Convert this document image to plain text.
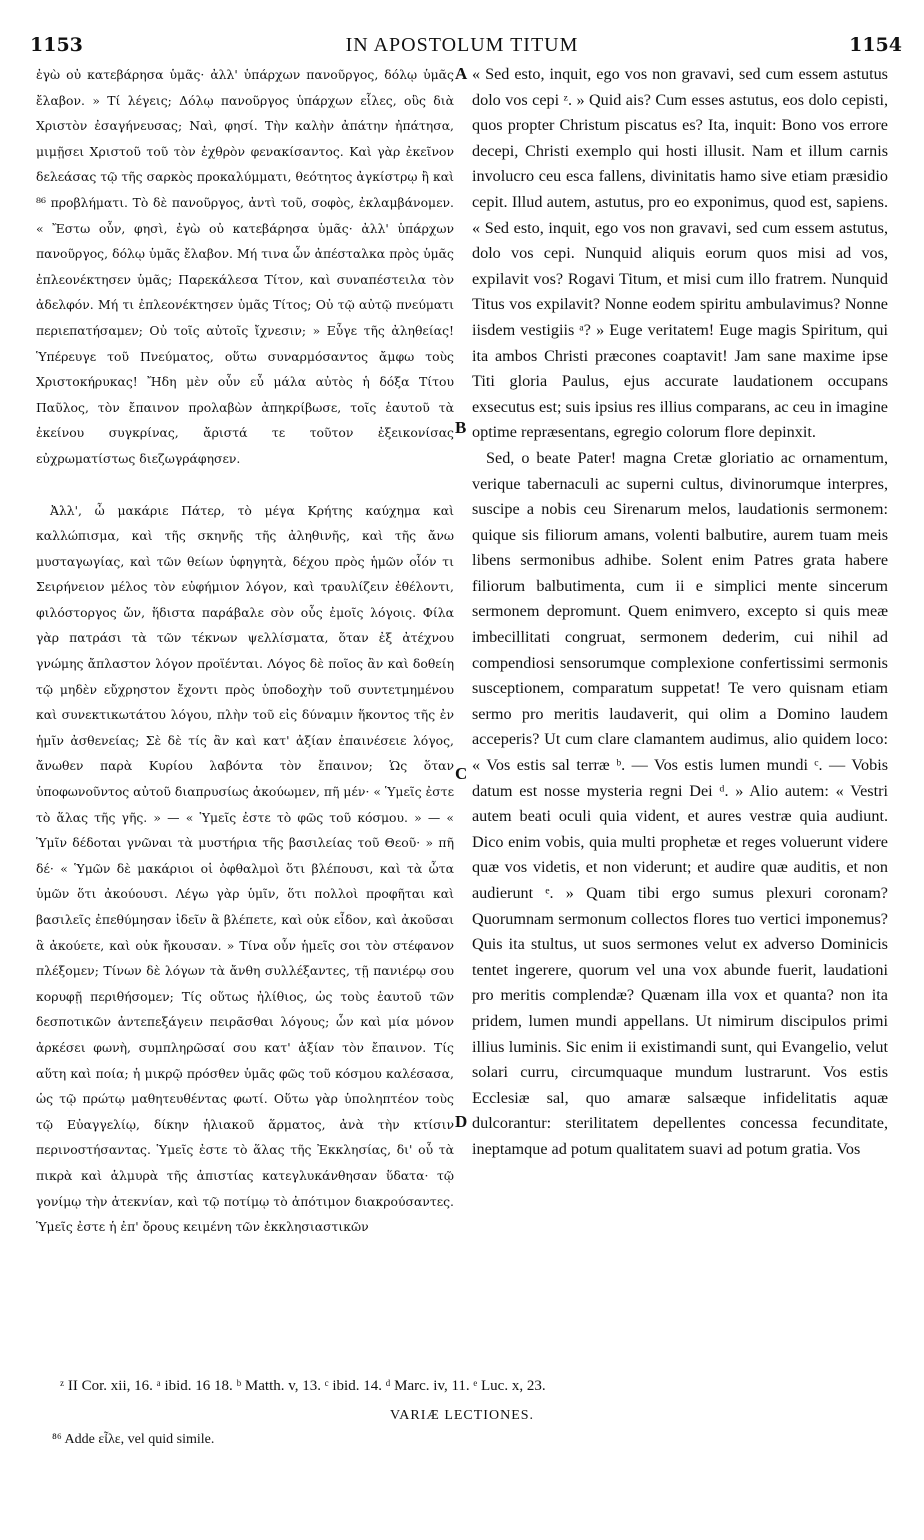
1153	IN APOSTOLUM TITUM	1154

ἐγὼ οὐ κατεβάρησα ὑμᾶς· ἀλλ' ὑπάρχων πανοῦργος, δόλῳ ὑμᾶς ἔλαβον. » Τί λέγεις; Δόλῳ πανοῦργος ὑπάρχων εἷλες, οὓς διὰ Χριστὸν ἐσαγήνευσας; Ναὶ, φησί. Τὴν καλὴν ἀπάτην ἠπάτησα, μιμῇσει Χριστοῦ τοῦ τὸν ἐχθρὸν φενακίσαντος. Καὶ γὰρ ἐκεῖνον δελεάσας τῷ τῆς σαρκὸς προκαλύμματι, θεότητος ἀγκίστρῳ ἢ καὶ ⁸⁶ προβλήματι. Τὸ δὲ πανοῦργος, ἀντὶ τοῦ, σοφὸς, ἐκλαμβάνομεν. « Ἔστω οὖν, φησὶ, ἐγὼ οὐ κατεβάρησα ὑμᾶς· ἀλλ' ὑπάρχων πανοῦργος, δόλῳ ὑμᾶς ἔλαβον. Μή τινα ὧν ἀπέσταλκα πρὸς ὑμᾶς ἐπλεονέκτησεν ὑμᾶς; Παρεκάλεσα Τίτον, καὶ συναπέστειλα τὸν ἀδελφόν. Μή τι ἐπλεονέκτησεν ὑμᾶς Τίτος; Οὐ τῷ αὐτῷ πνεύματι περιεπατήσαμεν; Οὐ τοῖς αὐτοῖς ἴχνεσιν; » Εὖγε τῆς ἀληθείας! Ὑπέρευγε τοῦ Πνεύματος, οὕτω συναρμόσαντος ἄμφω τοὺς Χριστοκήρυκας! Ἤδη μὲν οὖν εὖ μάλα αὐτὸς ἡ δόξα Τίτου Παῦλος, τὸν ἔπαινον προλαβὼν ἀπηκρίβωσε, τοῖς ἑαυτοῦ τὰ ἐκείνου συγκρίνας, ἄριστά τε τοῦτον ἐξεικονίσας εὐχρωματίστως διεζωγράφησεν.

Ἀλλ', ὦ μακάριε Πάτερ, τὸ μέγα Κρήτης καύχημα καὶ καλλώπισμα, καὶ τῆς σκηνῆς τῆς ἀληθινῆς, καὶ τῆς ἄνω μυσταγωγίας, καὶ τῶν θείων ὑφηγητὰ, δέχου πρὸς ἡμῶν οἷόν τι Σειρήνειον μέλος τὸν εὐφήμιον λόγον, καὶ τραυλίζειν ἐθέλοντι, φιλόστοργος ὤν, ἥδιστα παράβαλε σὸν οὖς ἐμοῖς λόγοις. Φίλα γὰρ πατράσι τὰ τῶν τέκνων ψελλίσματα, ὅταν ἐξ ἀτέχνου γνώμης ἄπλαστον λόγον προϊένται. Λόγος δὲ ποῖος ἂν καὶ δοθείη τῷ μηδὲν εὔχρηστον ἔχοντι πρὸς ὑποδοχὴν τοῦ συντετμημένου καὶ συνεκτικωτάτου λόγου, πλὴν τοῦ εἰς δύναμιν ἥκοντος τῆς ἐν ἡμῖν ἀσθενείας; Σὲ δὲ τίς ἂν καὶ κατ' ἀξίαν ἐπαινέσειε λόγος, ἄνωθεν παρὰ Κυρίου λαβόντα τὸν ἔπαινον; Ὡς ὅταν ὑποφωνοῦντος αὐτοῦ διαπρυσίως ἀκούωμεν, πῆ μέν· « Ὑμεῖς ἐστε τὸ ἅλας τῆς γῆς. » — « Ὑμεῖς ἐστε τὸ φῶς τοῦ κόσμου. » — « Ὑμῖν δέδοται γνῶναι τὰ μυστήρια τῆς βασιλείας τοῦ Θεοῦ· » πῆ δέ· « Ὑμῶν δὲ μακάριοι οἱ ὀφθαλμοὶ ὅτι βλέπουσι, καὶ τὰ ὦτα ὑμῶν ὅτι ἀκούουσι. Λέγω γὰρ ὑμῖν, ὅτι πολλοὶ προφῆται καὶ βασιλεῖς ἐπεθύμησαν ἰδεῖν ἃ βλέπετε, καὶ οὐκ εἶδον, καὶ ἀκοῦσαι ἃ ἀκούετε, καὶ οὐκ ἤκουσαν. » Τίνα οὖν ἡμεῖς σοι τὸν στέφανον πλέξομεν; Τίνων δὲ λόγων τὰ ἄνθη συλλέξαντες, τῇ πανιέρῳ σου κορυφῇ περιθήσομεν; Τίς οὕτως ἠλίθιος, ὡς τοὺς ἑαυτοῦ τῶν δεσποτικῶν ἀντεπεξάγειν πειρᾶσθαι λόγους; ὧν καὶ μία μόνον ἀρκέσει φωνὴ, συμπληρῶσαί σου κατ' ἀξίαν τὸν ἔπαινον. Τίς αὕτη καὶ ποία; ἡ μικρῷ πρόσθεν ὑμᾶς φῶς τοῦ κόσμου καλέσασα, ὡς τῷ πρώτῳ μαθητευθέντας φωτί. Οὕτω γὰρ ὑποληπτέον τοὺς τῷ Εὐαγγελίῳ, δίκην ἡλιακοῦ ἅρματος, ἀνὰ τὴν κτίσιν περινοστήσαντας. Ὑμεῖς ἐστε τὸ ἅλας τῆς Ἐκκλησίας, δι' οὗ τὰ πικρὰ καὶ ἁλμυρὰ τῆς ἀπιστίας κατεγλυκάνθησαν ὕδατα· τῷ γονίμῳ τὴν ἀτεκνίαν, καὶ τῷ ποτίμῳ τὸ ἀπότιμον διακρούσαντες. Ὑμεῖς ἐστε ἡ ἐπ' ὄρους κειμένη τῶν ἐκκλησιαστικῶν

« Sed esto, inquit, ego vos non gravavi, sed cum essem astutus dolo vos cepi ᶻ. » Quid ais? Cum esses astutus, eos dolo cepisti, quos propter Christum piscatus es? Ita, inquit: Bono vos errore decepi, Christi exemplo qui hosti illusit. Nam et illum carnis involucro ceu esca fallens, divinitatis hamo sive etiam præsidio cepit. Illud autem, astutus, pro eo exponimus, quod est, sapiens. « Sed esto, inquit, ego vos non gravavi, sed cum essem astutus, dolo vos cepi. Nunquid aliquis eorum quos misi ad vos, expilavit vos? Rogavi Titum, et misi cum illo fratrem. Nunquid Titus vos expilavit? Nonne eodem spiritu ambulavimus? Nonne iisdem vestigiis ᵃ? » Euge veritatem! Euge magis Spiritum, qui ita ambos Christi præcones coaptavit! Jam sane maxime ipse Titi gloria Paulus, ejus accurate laudationem occupans exsecutus est; suis ipsius res illius comparans, ac ceu in imagine optime repræsentans, egregio colorum flore depinxit.

Sed, o beate Pater! magna Cretæ gloriatio ac ornamentum, verique tabernaculi ac superni cultus, divinorumque interpres, suscipe a nobis ceu Sirenarum melos, laudationis sermonem: quique sis filiorum amans, volenti balbutire, aurem tuam meis libens sermonibus adhibe. Solent enim Patres grata habere filiorum balbutimenta, cum ii e simplici mente sincerum sermonem depromunt. Quem enimvero, excepto si quis meæ imbecillitati congruat, sermonem dederim, cui nihil ad compendiosi sensorumque complexione confertissimi sermonis susceptionem, comparatum suppetat! Te vero quisnam etiam sermo pro meritis laudaverit, qui olim a Domino laudem acceperis? Ut cum clare clamantem audimus, alio quidem loco: « Vos estis sal terræ ᵇ. — Vos estis lumen mundi ᶜ. — Vobis datum est nosse mysteria regni Dei ᵈ. » Alio autem: « Vestri autem beati oculi quia vident, et aures vestræ quia audiunt. Dico enim vobis, quia multi prophetæ et reges voluerunt videre quæ vos videtis, et non viderunt; et audire quæ auditis, et non audierunt ᵉ. » Quam tibi ergo sumus plexuri coronam? Quorumnam sermonum collectos flores tuo vertici imponemus? Quis ita stultus, ut suos sermones velut ex adverso Dominicis tentet ingerere, quorum vel una vox abunde fuerit, laudationi pro meritis complendæ? Quænam illa vox et quanta? non ita pridem, lumen mundi appellans. Ut nimirum discipulos primi illius luminis. Sic enim ii existimandi sunt, qui Evangelio, velut solari curru, circumquaque mundum lustrarunt. Vos estis Ecclesiæ sal, quo amaræ salsæque infidelitatis aquæ dulcorantur: sterilitatem depellentes concessa fecunditate, ineptamque ad potum qualitatem suavi ad potum gratia. Vos

A
B
C
D
ᶻ II Cor. xii, 16. ᵃ ibid. 16 18. ᵇ Matth. v, 13. ᶜ ibid. 14. ᵈ Marc. iv, 11. ᵉ Luc. x, 23.
VARIÆ LECTIONES.
⁸⁶ Adde εἶλε, vel quid simile.
